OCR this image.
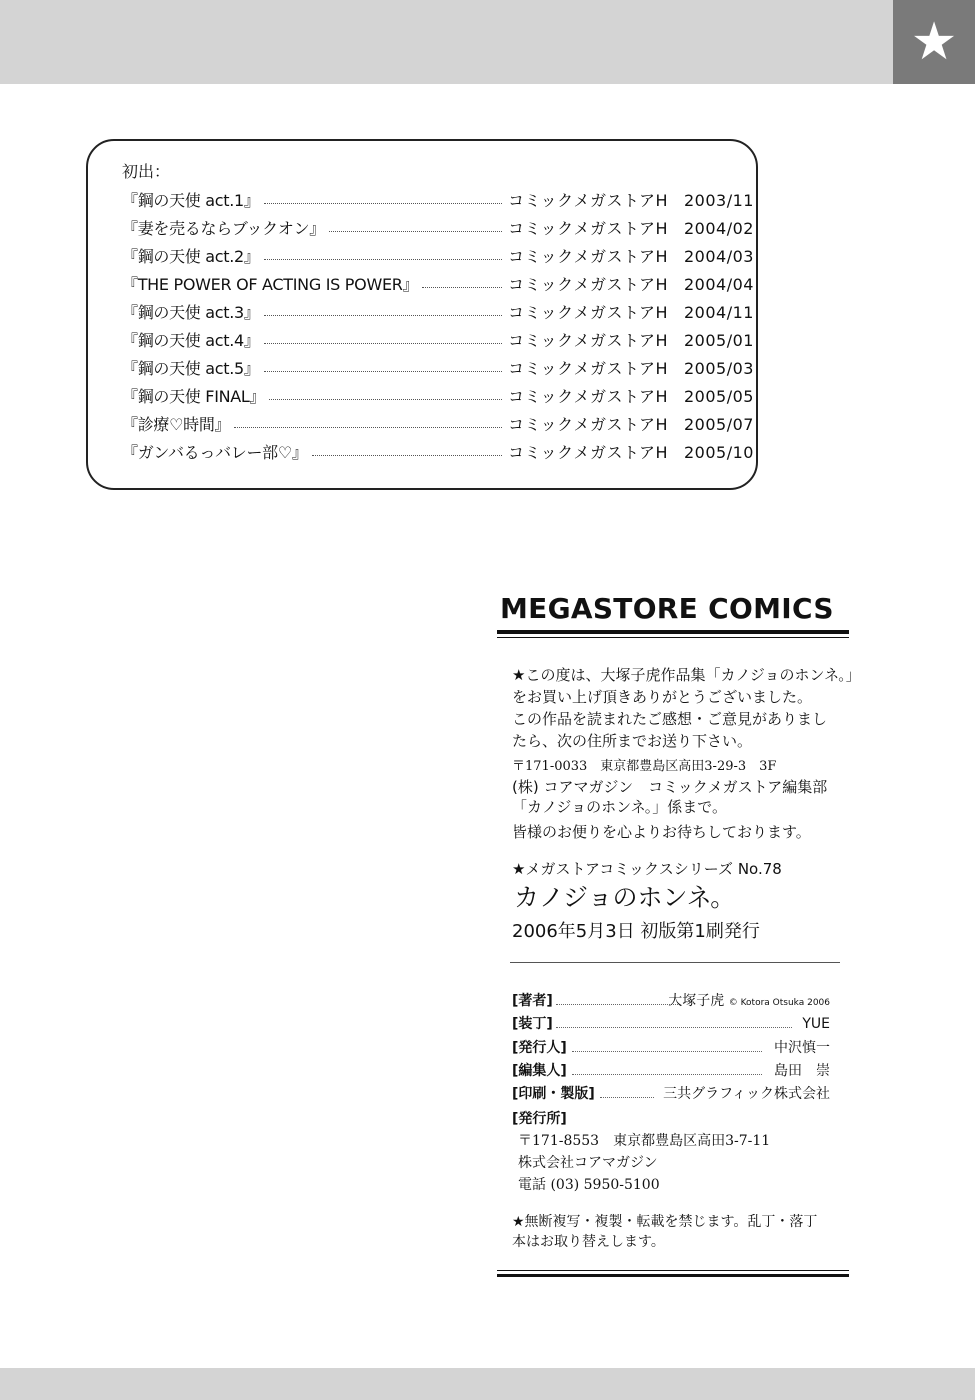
★
初出：
『鋼の天使 act.1』	コミックメガストアH 2003/11
『妻を売るならブックオン』	コミックメガストアH 2004/02
『鋼の天使 act.2』	コミックメガストアH 2004/03
『THE POWER OF ACTING IS POWER』	コミックメガストアH 2004/04
『鋼の天使 act.3』	コミックメガストアH 2004/11
『鋼の天使 act.4』	コミックメガストアH 2005/01
『鋼の天使 act.5』	コミックメガストアH 2005/03
『鋼の天使 FINAL』	コミックメガストアH 2005/05
『診療♡時間』	コミックメガストアH 2005/07
『ガンバるっバレー部♡』	コミックメガストアH 2005/10
MEGASTORE COMICS
★この度は、大塚子虎作品集「カノジョのホンネ。」
をお買い上げ頂きありがとうございました。
この作品を読まれたご感想・ご意見がありまし
たら、次の住所までお送り下さい。
〒171-0033　東京都豊島区高田3-29-3　3F
(株) コアマガジン　コミックメガストア編集部
「カノジョのホンネ。」係まで。
皆様のお便りを心よりお待ちしております。
★メガストアコミックスシリーズ No.78
カノジョのホンネ。
2006年5月3日 初版第1刷発行
[著者]	大塚子虎 © Kotora Otsuka 2006
[装丁]	YUE
[発行人]	中沢慎一
[編集人]	島田　崇
[印刷・製版]	三共グラフィック株式会社
[発行所]
〒171-8553　東京都豊島区高田3-7-11
株式会社コアマガジン
電話 (03) 5950-5100
★無断複写・複製・転載を禁じます。乱丁・落丁
本はお取り替えします。
